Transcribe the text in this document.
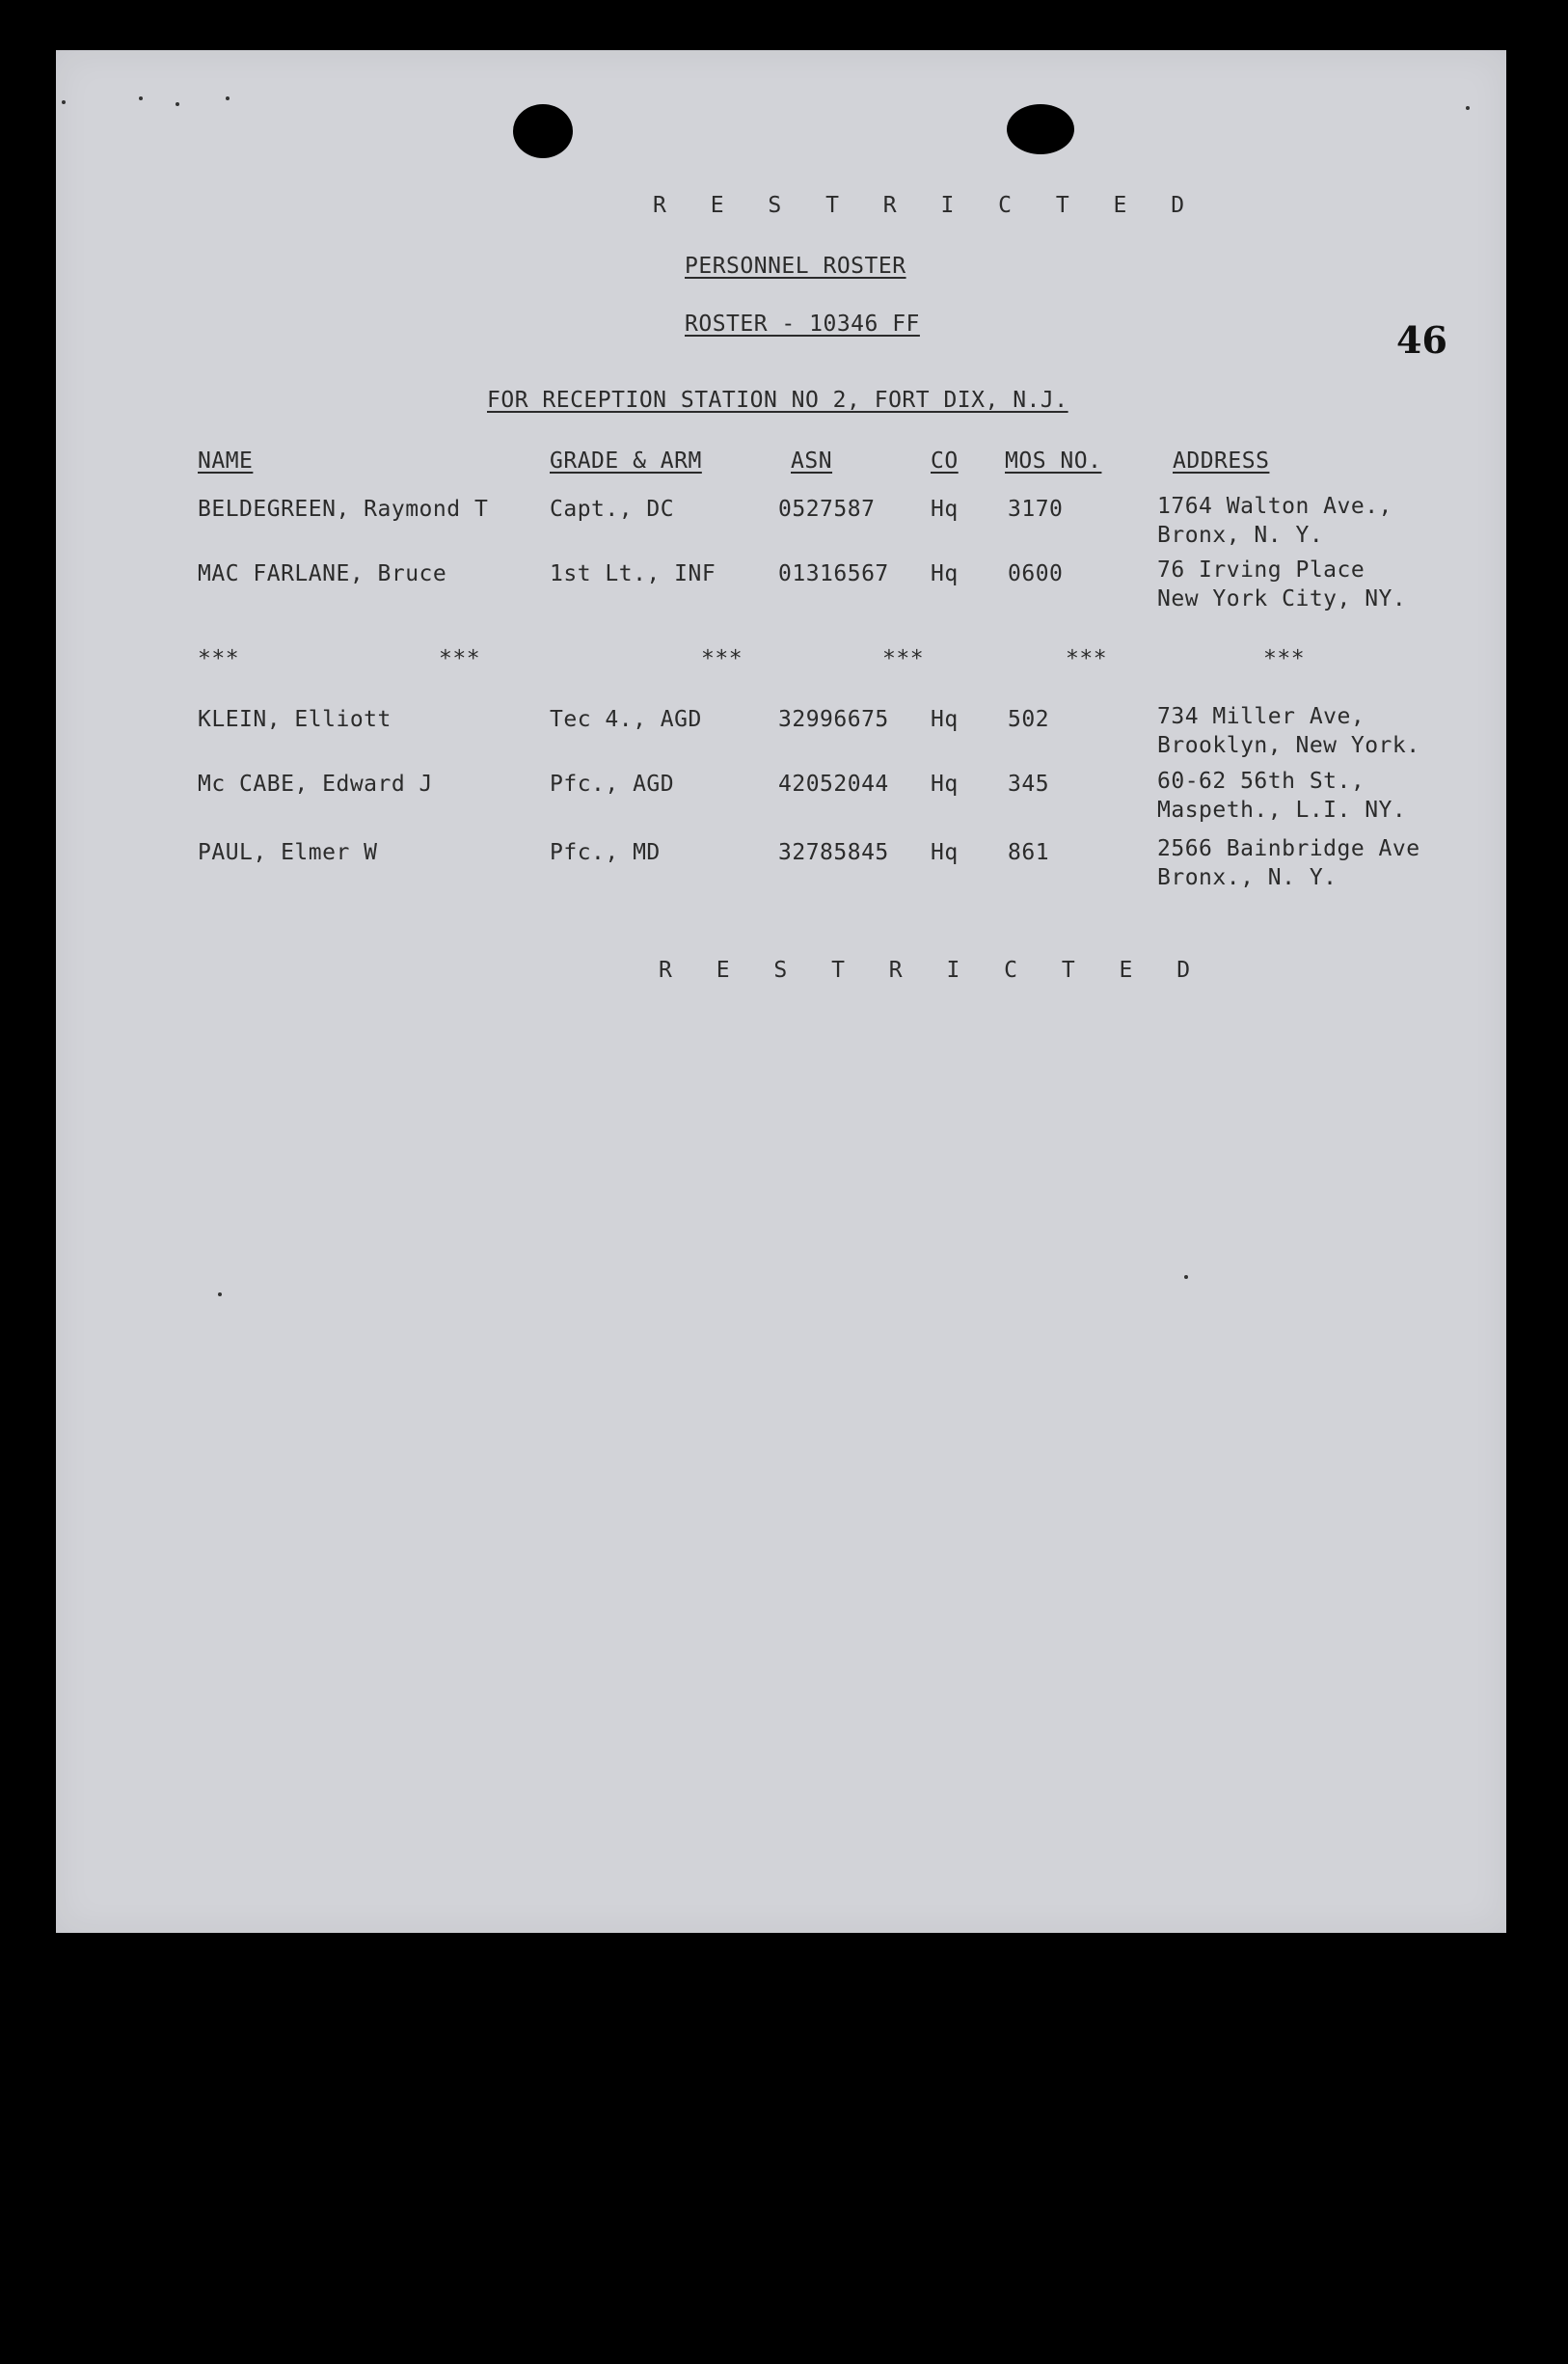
R E S T R I C T E D
PERSONNEL ROSTER
ROSTER - 10346 FF
FOR RECEPTION STATION NO 2, FORT DIX, N.J.
46
NAME	GRADE & ARM	ASN	CO MOS NO.	ADDRESS
BELDEGREEN, Raymond T	Capt., DC	0527587	Hq 3170	1764 Walton Ave.,
Bronx, N. Y.
MAC FARLANE, Bruce	1st Lt., INF	01316567 Hq 0600	76 Irving Place
New York City, NY.
***	***	***	***	***	***
KLEIN, Elliott	Tec 4., AGD	32996675 Hq 502	734 Miller Ave,
Brooklyn, New York.
Mc CABE, Edward J	Pfc., AGD	42052044 Hq 345	60-62 56th St.,
Maspeth., L.I. NY.
PAUL, Elmer W	Pfc., MD	32785845 Hq 861	2566 Bainbridge Ave
Bronx., N. Y.
R E S T R I C T E D
